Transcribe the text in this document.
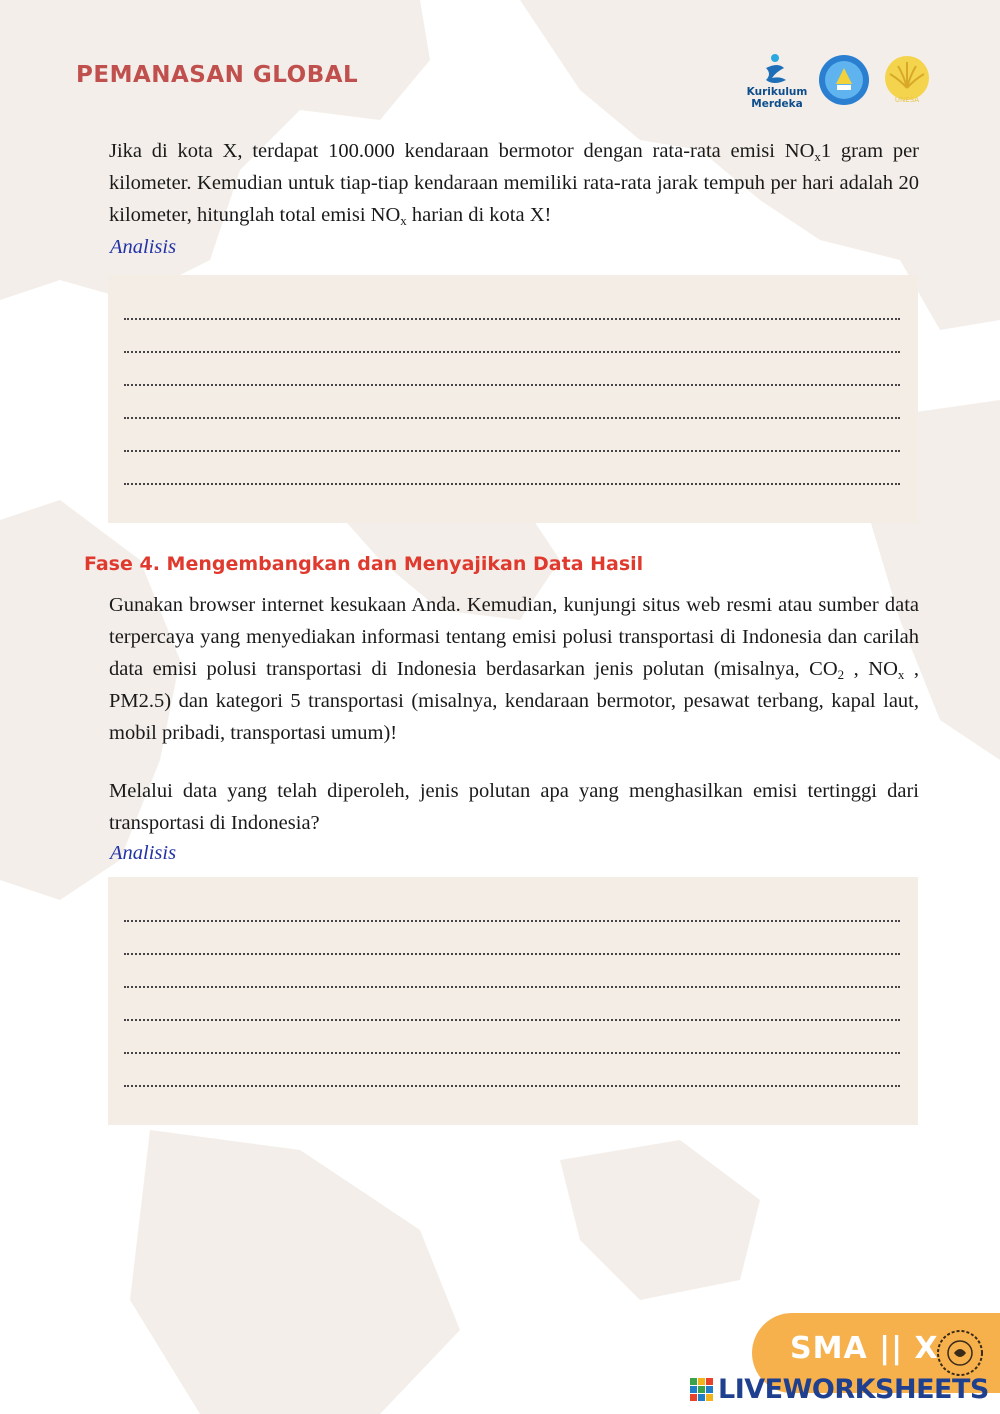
PEMANASAN GLOBAL
Kurikulum
Merdeka	UNESA
Jika di kota X, terdapat 100.000 kendaraan bermotor dengan rata-rata emisi $NO_x1$ gram per kilometer. Kemudian untuk tiap-tiap kendaraan memiliki rata-rata jarak tempuh per hari adalah 20 kilometer, hitunglah total emisi $NO_x$ harian di kota X!
Analisis
Fase 4. Mengembangkan dan Menyajikan Data Hasil
Gunakan browser internet kesukaan Anda. Kemudian, kunjungi situs web resmi atau sumber data terpercaya yang menyediakan informasi tentang emisi polusi transportasi di Indonesia dan carilah data emisi polusi transportasi di Indonesia berdasarkan jenis polutan (misalnya, $CO_2$ , $NO_x$ , PM2.5) dan kategori 5 transportasi (misalnya, kendaraan bermotor, pesawat terbang, kapal laut, mobil pribadi, transportasi umum)!
Melalui data yang telah diperoleh, jenis polutan apa yang menghasilkan emisi tertinggi dari transportasi di Indonesia?
Analisis
SMA || X
LIVEWORKSHEETS
